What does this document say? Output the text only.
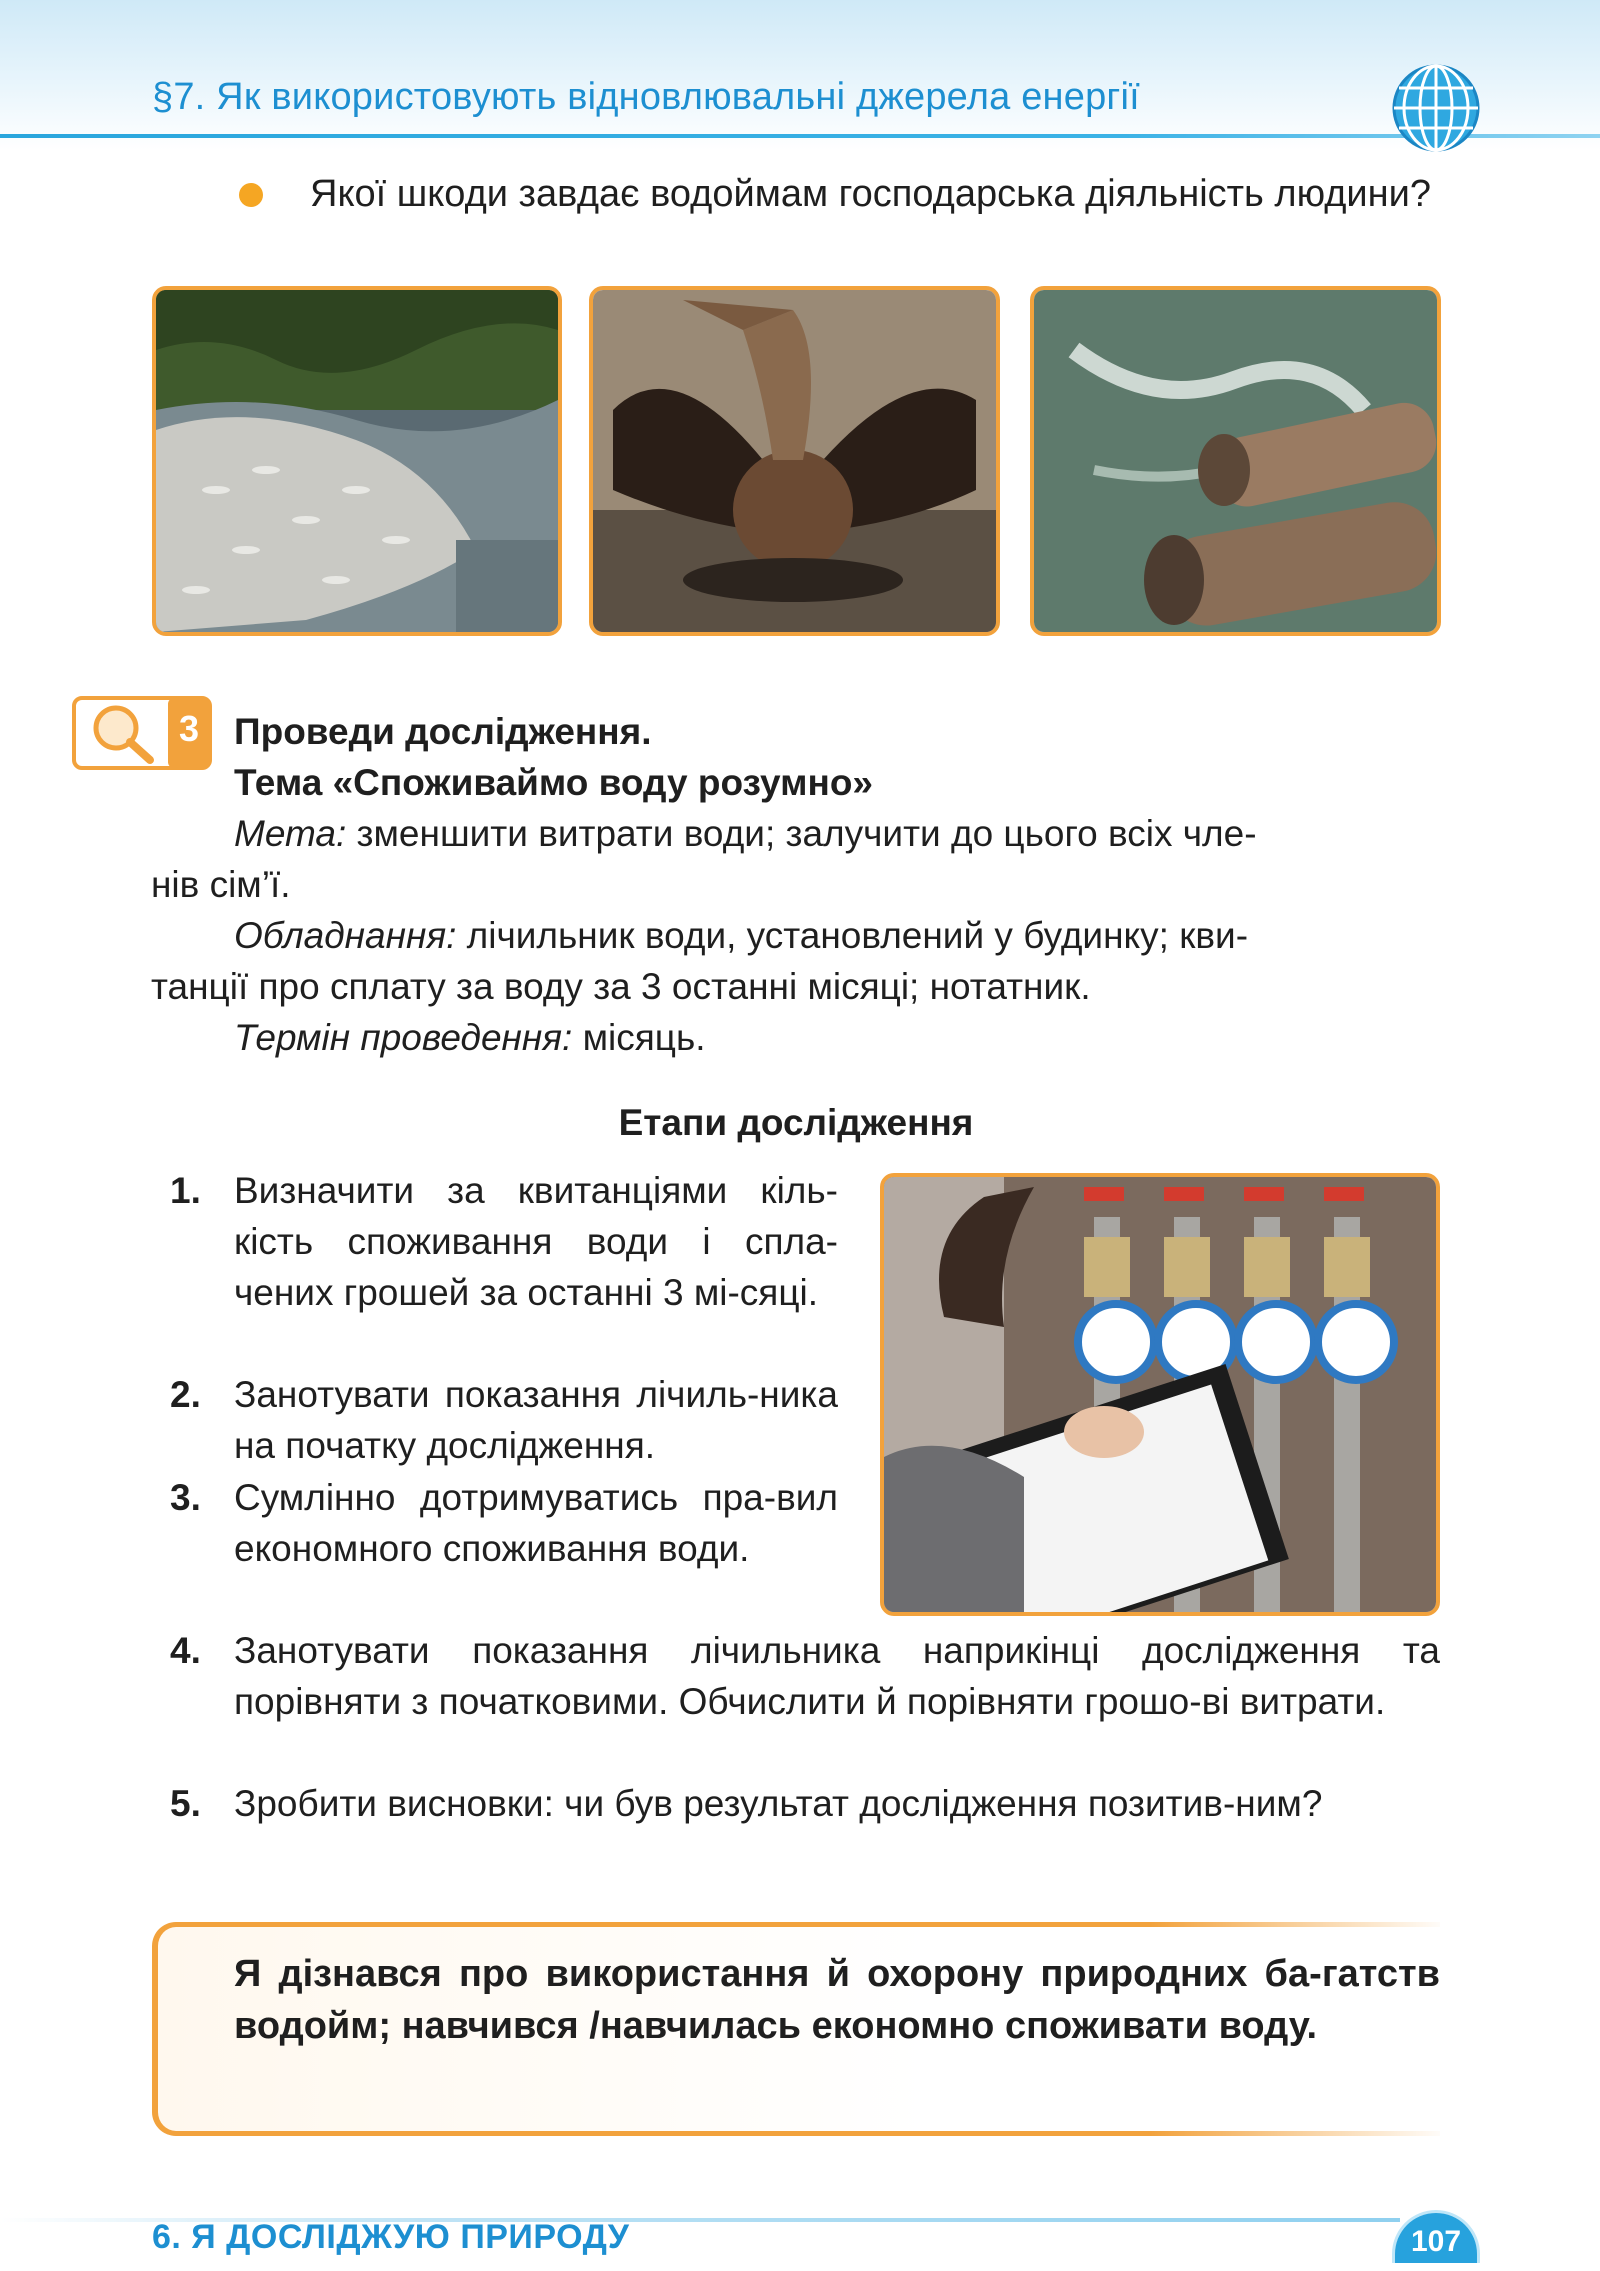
§7. Як використовують відновлювальні джерела енергії
Якої шкоди завдає водоймам господарська діяльність людини?
3 Проведи дослідження.
Тема «Споживаймо воду розумно»

Мета: зменшити витрати води; залучити до цього всіх чле-

нів сім’ї.

Обладнання: лічильник води, установлений у будинку; кви-

танції про сплату за воду за 3 останні місяці; нотатник.

Термін проведення: місяць.

Етапи дослідження
1. Визначити за квитанціями кіль-кість споживання води і спла-чених грошей за останні 3 мі-сяці.
2. Занотувати показання лічиль-ника на початку дослідження.
3. Сумлінно дотримуватись пра-вил економного споживання води.
4. Занотувати показання лічильника наприкінці дослідження та порівняти з початковими. Обчислити й порівняти грошо-ві витрати.
5. Зробити висновки: чи був результат дослідження позитив-ним?
Я дізнався про використання й охорону природних ба-гатств водойм; навчився /навчилась економно споживати воду.
6. Я ДОСЛІДЖУЮ ПРИРОДУ	107
